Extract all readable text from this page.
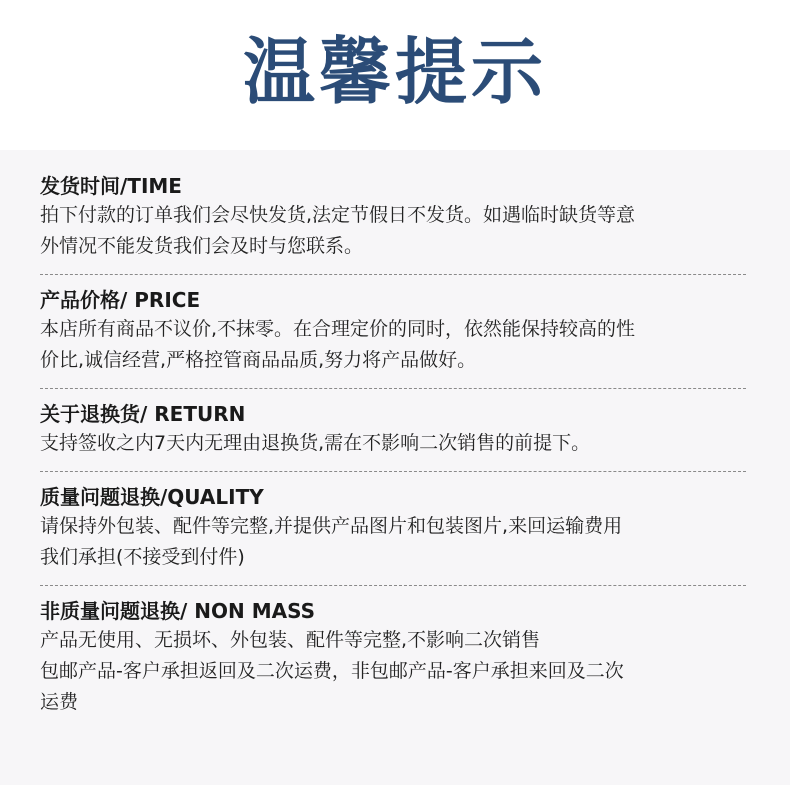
温馨提示
发货时间/TIME
拍下付款的订单我们会尽快发货,法定节假日不发货。如遇临时缺货等意
外情况不能发货我们会及时与您联系。
产品价格/ PRICE
本店所有商品不议价,不抹零。在合理定价的同时，依然能保持较高的性
价比,诚信经营,严格控管商品品质,努力将产品做好。
关于退换货/ RETURN
支持签收之内7天内无理由退换货,需在不影响二次销售的前提下。
质量问题退换/QUALITY
请保持外包装、配件等完整,并提供产品图片和包装图片,来回运输费用
我们承担(不接受到付件)
非质量问题退换/ NON MASS
产品无使用、无损坏、外包装、配件等完整,不影响二次销售
包邮产品-客户承担返回及二次运费，非包邮产品-客户承担来回及二次
运费
